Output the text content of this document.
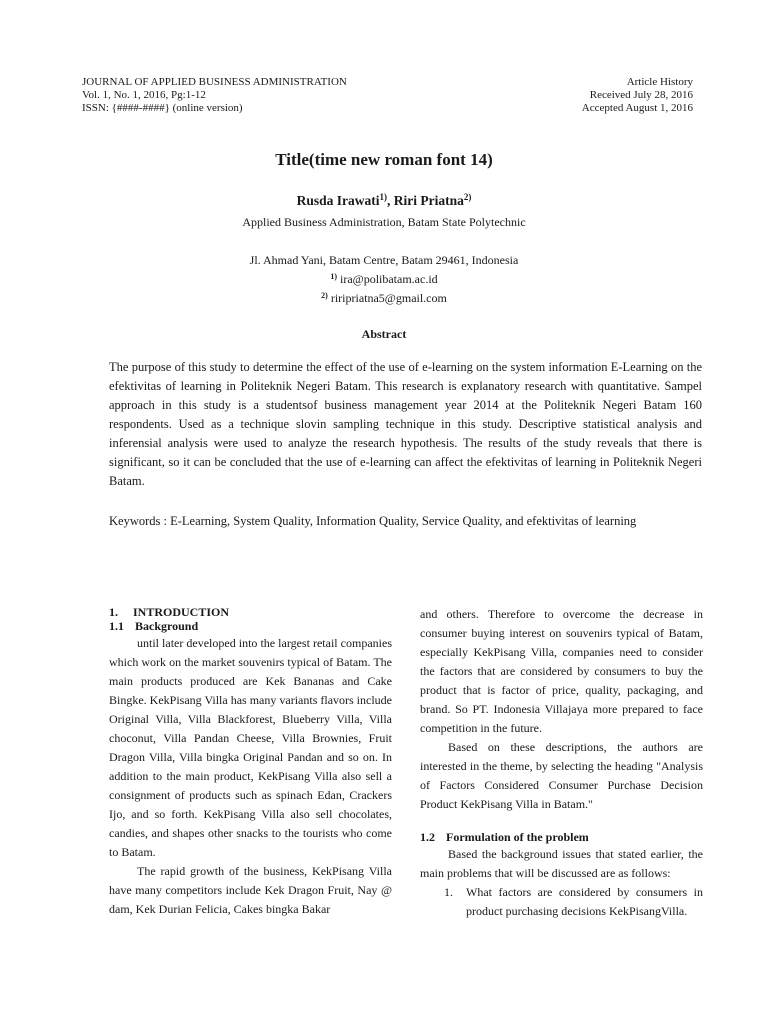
JOURNAL OF APPLIED BUSINESS ADMINISTRATION
Vol. 1, No. 1, 2016, Pg:1-12
ISSN: {####-####} (online version)
Article History
Received July 28, 2016
Accepted August 1, 2016
Title(time new roman font 14)
Rusda Irawati$^{1)}$, Riri Priatna$^{2)}$
Applied Business Administration, Batam State Polytechnic
Jl. Ahmad Yani, Batam Centre, Batam 29461, Indonesia
$^{1)}$ ira@polibatam.ac.id
$^{2)}$ riripriatna5@gmail.com
Abstract
The purpose of this study to determine the effect of the use of e-learning on the system information E-Learning on the efektivitas of learning in Politeknik Negeri Batam. This research is explanatory research with quantitative. Sampel approach in this study is a studentsof business management year 2014 at the Politeknik Negeri Batam 160 respondents. Used as a technique slovin sampling technique in this study. Descriptive statistical analysis and inferensial analysis were used to analyze the research hypothesis. The results of the study reveals that there is significant, so it can be concluded that the use of e-learning can affect the efektivitas of learning in Politeknik Negeri Batam.
Keywords : E-Learning, System Quality, Information Quality, Service Quality, and efektivitas of learning
1. INTRODUCTION
1.1 Background

until later developed into the largest retail companies which work on the market souvenirs typical of Batam. The main products produced are Kek Bananas and Cake Bingke. KekPisang Villa has many variants flavors include Original Villa, Villa Blackforest, Blueberry Villa, Villa choconut, Villa Pandan Cheese, Villa Brownies, Fruit Dragon Villa, Villa bingka Original Pandan and so on. In addition to the main product, KekPisang Villa also sell a consignment of products such as spinach Edan, Crackers Ijo, and so forth. KekPisang Villa also sell chocolates, candies, and shapes other snacks to the tourists who come to Batam.

The rapid growth of the business, KekPisang Villa have many competitors include Kek Dragon Fruit, Nay @ dam, Kek Durian Felicia, Cakes bingka Bakar

and others. Therefore to overcome the decrease in consumer buying interest on souvenirs typical of Batam, especially KekPisang Villa, companies need to consider the factors that are considered by consumers to buy the product that is factor of price, quality, packaging, and brand. So PT. Indonesia Villajaya more prepared to face competition in the future.

Based on these descriptions, the authors are interested in the theme, by selecting the heading "Analysis of Factors Considered Consumer Purchase Decision Product KekPisang Villa in Batam."

1.2 Formulation of the problem

Based the background issues that stated earlier, the main problems that will be discussed are as follows:

1.	What factors are considered by consumers in product purchasing decisions KekPisangVilla.
